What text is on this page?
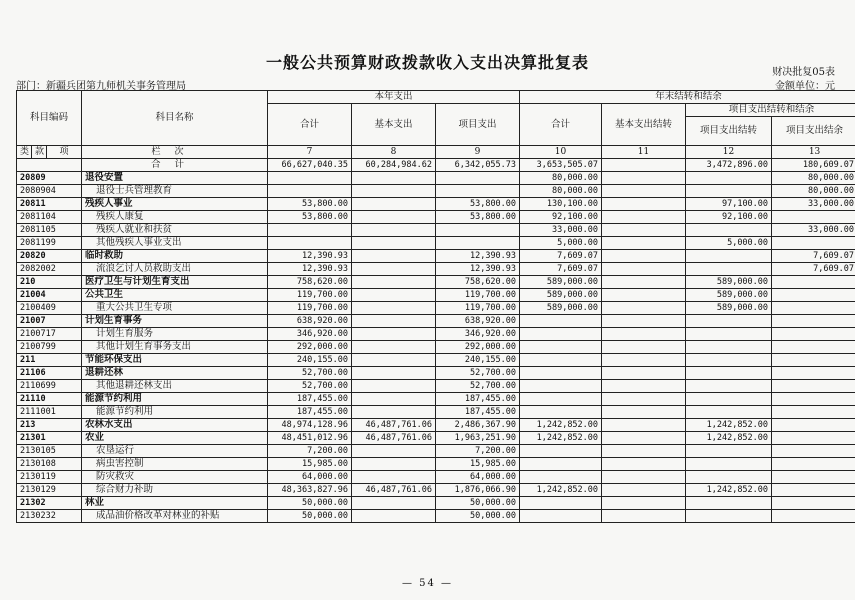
一般公共预算财政拨款收入支出决算批复表
财决批复05表
金额单位：元
部门：新疆兵团第九师机关事务管理局
科目编码			科目名称	本年支出			年末结转和结余			
				合计	基本支出	项目支出	合计	基本支出结转	项目支出结转和结余	
									项目支出结转	项目支出结余
类	款	项	栏次	7	8	9	10	11	12	13
			合计	66,627,040.35	60,284,984.62	6,342,055.73	3,653,505.07		3,472,896.00	180,609.07
20809			退役安置				80,000.00			80,000.00
2080904			退役士兵管理教育				80,000.00			80,000.00
20811			残疾人事业	53,800.00		53,800.00	130,100.00		97,100.00	33,000.00
2081104			残疾人康复	53,800.00		53,800.00	92,100.00		92,100.00	
2081105			残疾人就业和扶贫				33,000.00			33,000.00
2081199			其他残疾人事业支出				5,000.00		5,000.00	
20820			临时救助	12,390.93		12,390.93	7,609.07			7,609.07
2082002			流浪乞讨人员救助支出	12,390.93		12,390.93	7,609.07			7,609.07
210			医疗卫生与计划生育支出	758,620.00		758,620.00	589,000.00		589,000.00	
21004			公共卫生	119,700.00		119,700.00	589,000.00		589,000.00	
2100409			重大公共卫生专项	119,700.00		119,700.00	589,000.00		589,000.00	
21007			计划生育事务	638,920.00		638,920.00				
2100717			计划生育服务	346,920.00		346,920.00				
2100799			其他计划生育事务支出	292,000.00		292,000.00				
211			节能环保支出	240,155.00		240,155.00				
21106			退耕还林	52,700.00		52,700.00				
2110699			其他退耕还林支出	52,700.00		52,700.00				
21110			能源节约利用	187,455.00		187,455.00				
2111001			能源节约利用	187,455.00		187,455.00				
213			农林水支出	48,974,128.96	46,487,761.06	2,486,367.90	1,242,852.00		1,242,852.00	
21301			农业	48,451,012.96	46,487,761.06	1,963,251.90	1,242,852.00		1,242,852.00	
2130105			农垦运行	7,200.00		7,200.00				
2130108			病虫害控制	15,985.00		15,985.00				
2130119			防灾救灾	64,000.00		64,000.00				
2130129			综合财力补助	48,363,827.96	46,487,761.06	1,876,066.90	1,242,852.00		1,242,852.00	
21302			林业	50,000.00		50,000.00				
2130232			成品油价格改革对林业的补贴	50,000.00		50,000.00				
— 54 —
